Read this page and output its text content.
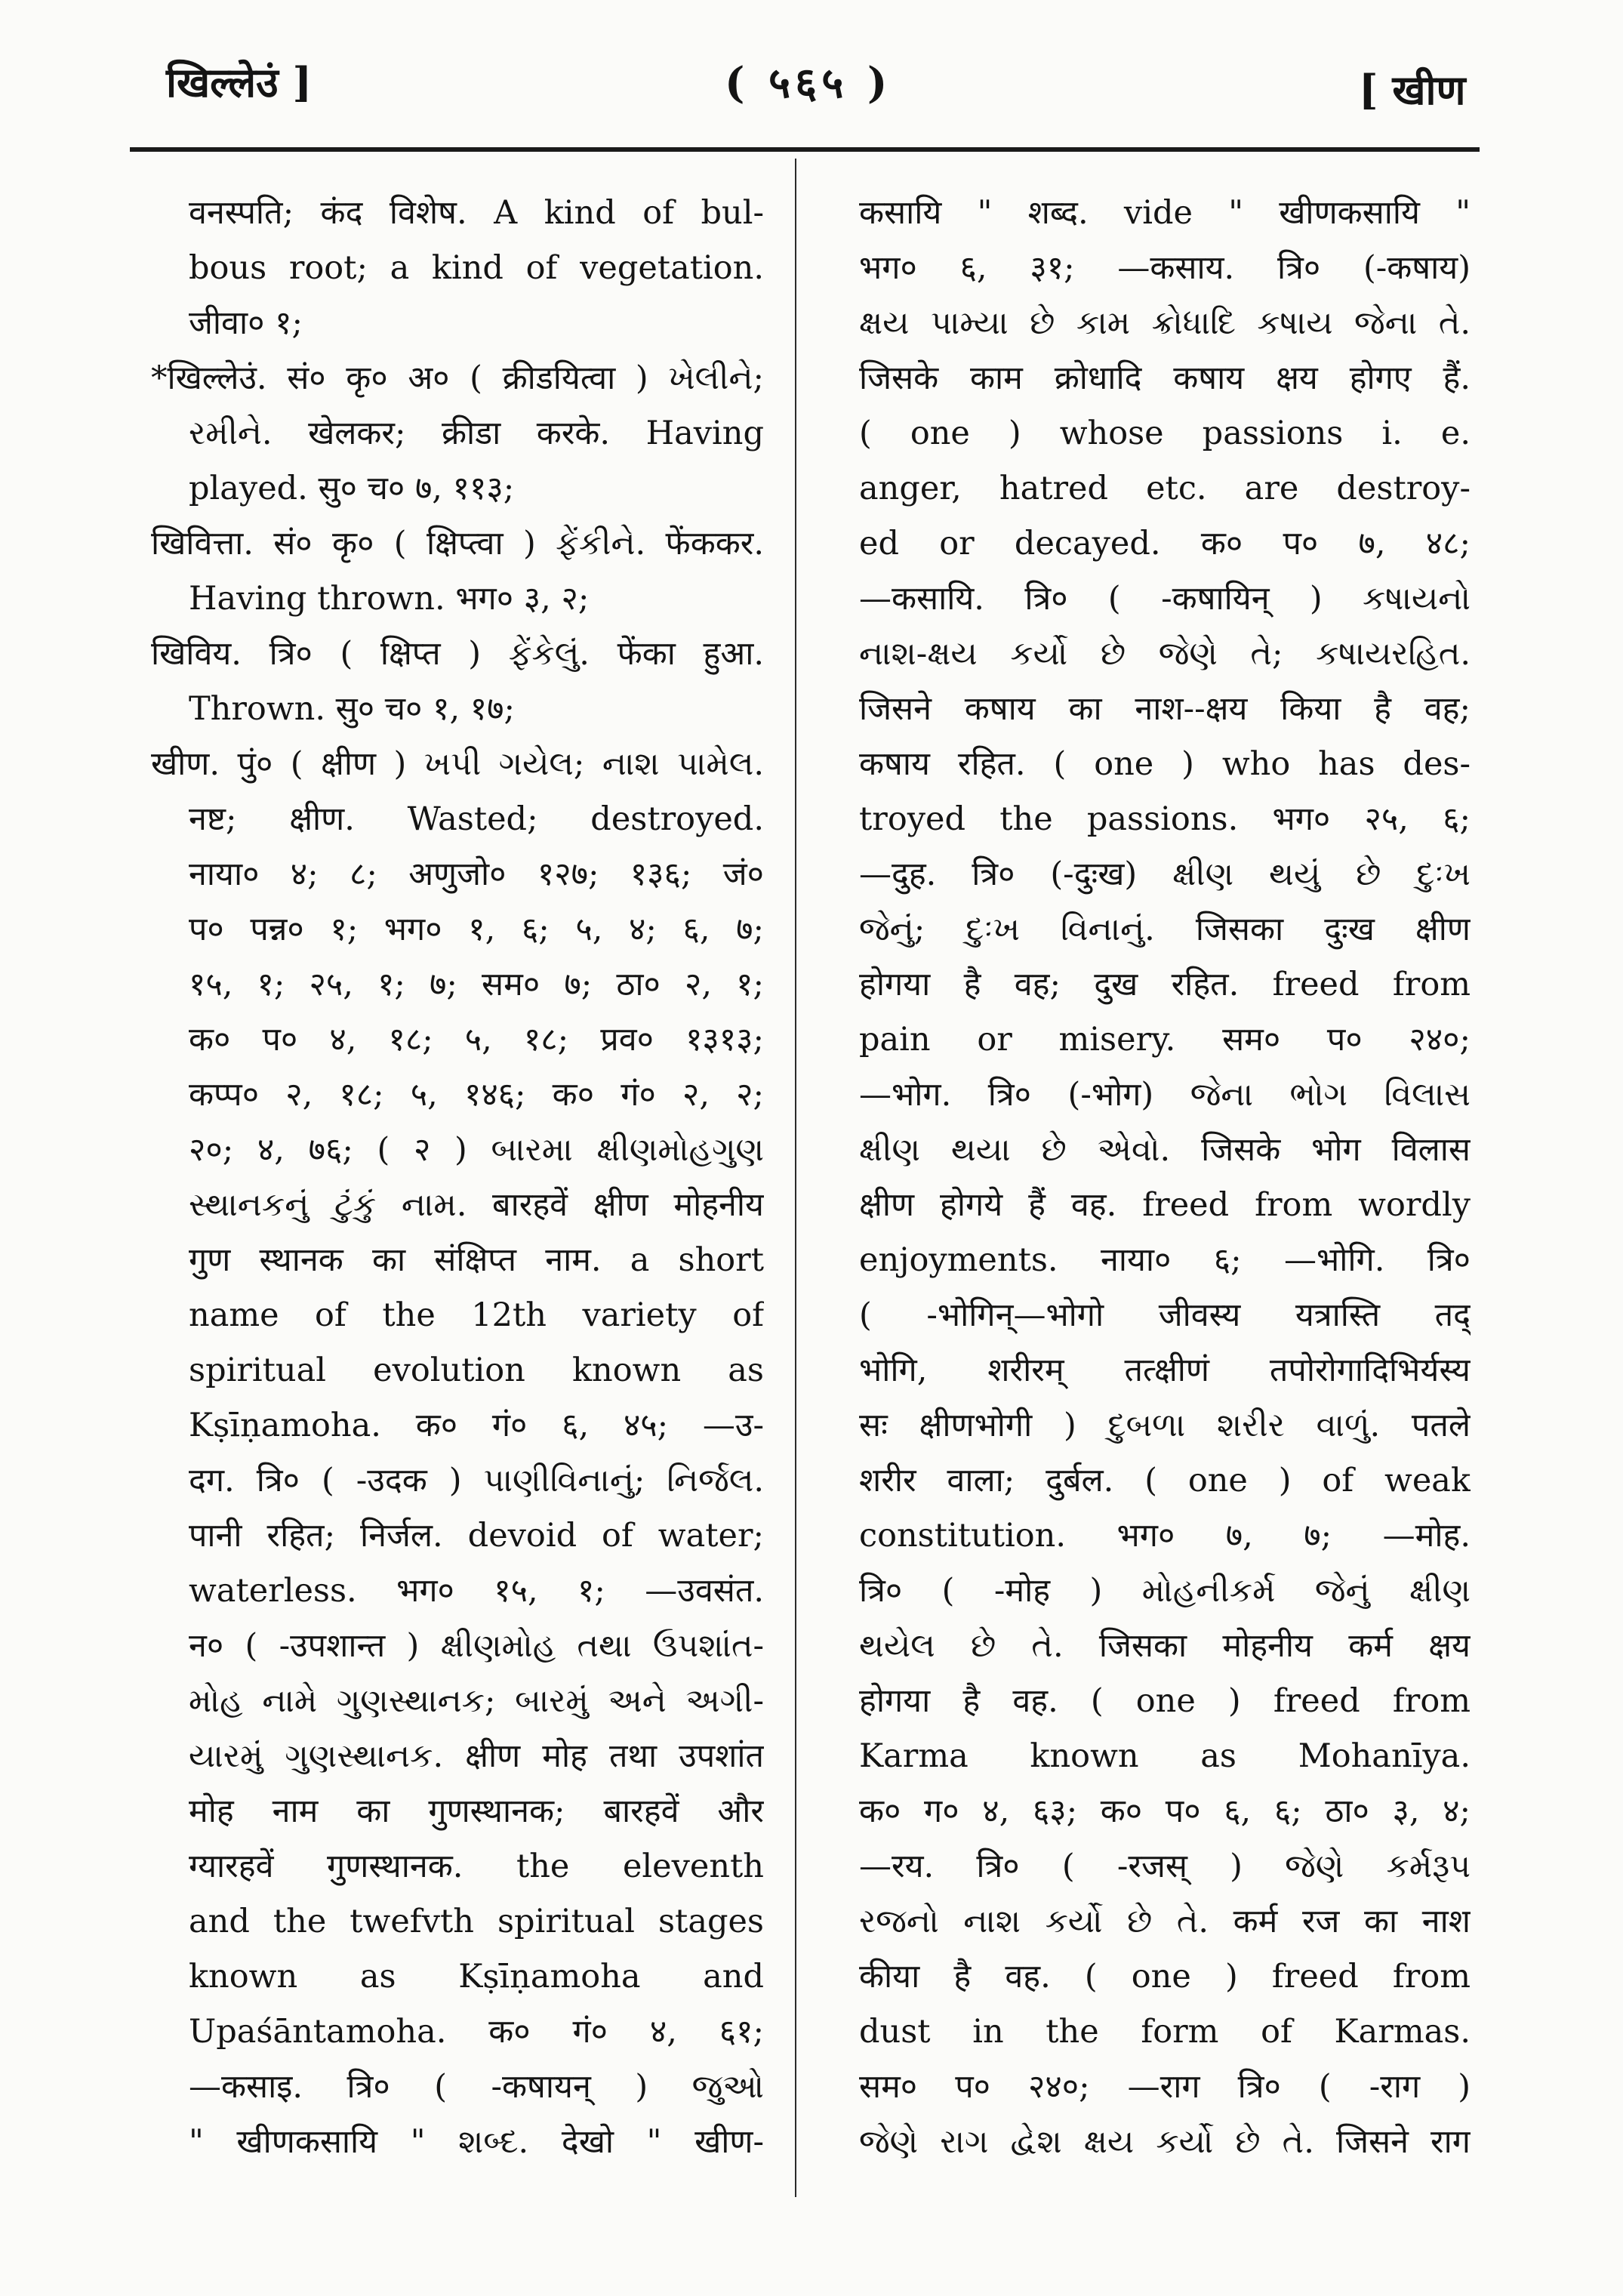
खिल्लेउं ]	( ५६५ )	[ खीण
वनस्पति; कंद विशेष. A kind of bul-
bous root; a kind of vegetation.
जीवा० १;
*खिल्लेउं. सं० कृ० अ० ( क्रीडयित्वा ) ખેલીને;
રમીને. खेलकर; क्रीडा करके. Having
played. सु० च० ७, ११३;
खिवित्ता. सं० कृ० ( क्षिप्त्वा ) ફેંકીને. फेंककर.
Having thrown. भग० ३, २;
खिविय. त्रि० ( क्षिप्त ) ફેંકેલું. फेंका हुआ.
Thrown. सु० च० १, १७;
खीण. पुं० ( क्षीण ) ખપી ગયેલ; નાશ પામેલ.
नष्ट; क्षीण. Wasted; destroyed.
नाया० ४; ८; अणुजो० १२७; १३६; जं०
प० पन्न० १; भग० १, ६; ५, ४; ६, ७;
१५, १; २५, १; ७; सम० ७; ठा० २, १;
क० प० ४, १८; ५, १८; प्रव० १३१३;
कप्प० २, १८; ५, १४६; क० गं० २, २;
२०; ४, ७६; ( २ ) બારમા ક્ષીણમોહગુણ
સ્થાનકનું ટુંકું નામ. बारहवें क्षीण मोहनीय
गुण स्थानक का संक्षिप्त नाम. a short
name of the 12th variety of
spiritual evolution known as
Kṣīṇamoha. क० गं० ६, ४५; —उ-
दग. त्रि० ( -उदक ) પાણીવિનાનું; નિર્જલ.
पानी रहित; निर्जल. devoid of water;
waterless. भग० १५, १; —उवसंत.
न० ( -उपशान्त ) ક્ષીણમોહ તથા ઉપશાંત-
મોહ નામે ગુણસ્થાનક; બારમું અને અગી-
યારમું ગુણસ્થાનક. क्षीण मोह तथा उपशांत
मोह नाम का गुणस्थानक; बारहवें और
ग्यारहवें गुणस्थानक. the eleventh
and the twefvth spiritual stages
known as Kṣīṇamoha and
Upaśāntamoha. क० गं० ४, ६१;
—कसाइ. त्रि० ( -कषायन् ) જુઓ
" खीणकसायि " શબ્દ. देखो " खीण-
कसायि " शब्द. vide " खीणकसायि "
भग० ६, ३१; —कसाय. त्रि० (-कषाय)
ક્ષય પામ્યા છે કામ ક્રોધાદિ કષાય જેના તે.
जिसके काम क्रोधादि कषाय क्षय होगए हैं.
( one ) whose passions i. e.
anger, hatred etc. are destroy-
ed or decayed. क० प० ७, ४८;
—कसायि. त्रि० ( -कषायिन् ) કષાયનો
નાશ-ક્ષય કર્યો છે જેણે તે; કષાયરહિત.
जिसने कषाय का नाश--क्षय किया है वह;
कषाय रहित. ( one ) who has des-
troyed the passions. भग० २५, ६;
—दुह. त्रि० (-दुःख) ક્ષીણ થયું છે દુઃખ
જેનું; દુઃખ વિનાનું. जिसका दुःख क्षीण
होगया है वह; दुख रहित. freed from
pain or misery. सम० प० २४०;
—भोग. त्रि० (-भोग) જેના ભોગ વિલાસ
ક્ષીણ થયા છે એવો. जिसके भोग विलास
क्षीण होगये हैं वह. freed from wordly
enjoyments. नाया० ६; —भोगि. त्रि०
( -भोगिन्—भोगो जीवस्य यत्रास्ति तद्
भोगि, शरीरम् तत्क्षीणं तपोरोगादिभिर्यस्य
सः क्षीणभोगी ) દુબળા શરીર વાળું. पतले
शरीर वाला; दुर्बल. ( one ) of weak
constitution. भग० ७, ७; —मोह.
त्रि० ( -मोह ) મોહનીકર્મ જેનું ક્ષીણ
થયેલ છે તે. जिसका मोहनीय कर्म क्षय
होगया है वह. ( one ) freed from
Karma known as Mohanīya.
क० ग० ४, ६३; क० प० ६, ६; ठा० ३, ४;
—रय. त्रि० ( -रजस् ) જેણે કર્મરૂપ
રજનો નાશ કર્યો છે તે. कर्म रज का नाश
कीया है वह. ( one ) freed from
dust in the form of Karmas.
सम० प० २४०; —राग त्रि० ( -राग )
જેણે રાગ દ્વેશ ક્ષય કર્યો છે તે. जिसने राग
